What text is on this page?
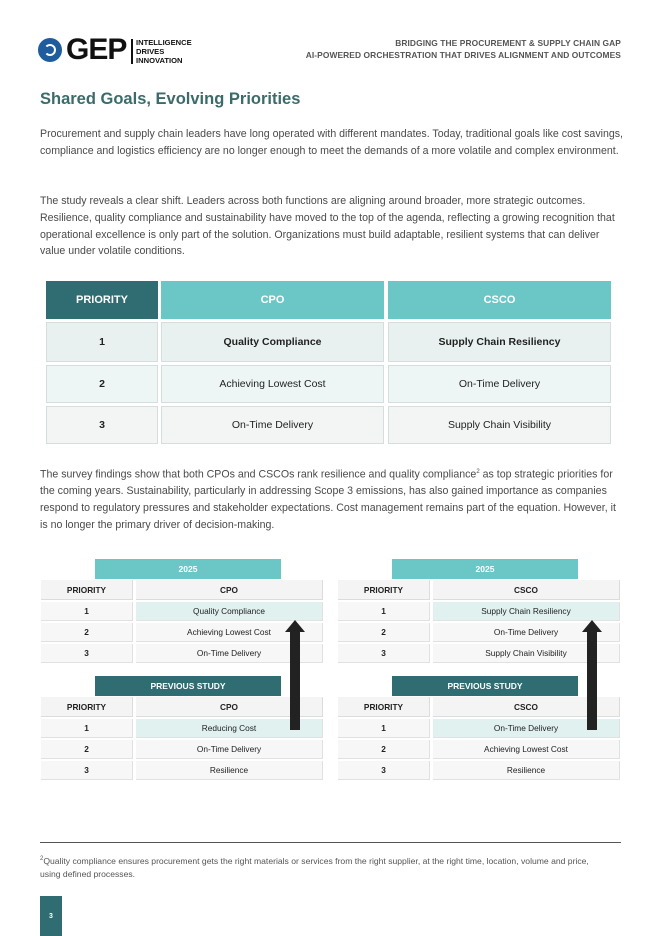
GEP INTELLIGENCE
DRIVES
INNOVATION
BRIDGING THE PROCUREMENT & SUPPLY CHAIN GAP
AI-POWERED ORCHESTRATION THAT DRIVES ALIGNMENT AND OUTCOMES
Shared Goals, Evolving Priorities

Procurement and supply chain leaders have long operated with different mandates. Today, traditional goals like cost savings, compliance and logistics efficiency are no longer enough to meet the demands of a more volatile and complex environment.

The study reveals a clear shift. Leaders across both functions are aligning around broader, more strategic outcomes. Resilience, quality compliance and sustainability have moved to the top of the agenda, reflecting a growing recognition that operational excellence is only part of the solution. Organizations must build adaptable, resilient systems that can deliver value under volatile conditions.

PRIORITY	CPO	CSCO
1	Quality Compliance	Supply Chain Resiliency
2	Achieving Lowest Cost	On-Time Delivery
3	On-Time Delivery	Supply Chain Visibility

The survey findings show that both CPOs and CSCOs rank resilience and quality compliance$^2$ as top strategic priorities for the coming years. Sustainability, particularly in addressing Scope 3 emissions, has also gained importance as companies respond to regulatory pressures and stakeholder expectations. Cost management remains part of the equation. However, it is no longer the primary driver of decision-making.

2025
PRIORITY	CPO
1	Quality Compliance
2	Achieving Lowest Cost
3	On-Time Delivery
PREVIOUS STUDY
PRIORITY	CPO
1	Reducing Cost
2	On-Time Delivery
3	Resilience
2025
PRIORITY	CSCO
1	Supply Chain Resiliency
2	On-Time Delivery
3	Supply Chain Visibility
PREVIOUS STUDY
PRIORITY	CSCO
1	On-Time Delivery
2	Achieving Lowest Cost
3	Resilience
$^2$Quality compliance ensures procurement gets the right materials or services from the right supplier, at the right time, location, volume and price, using defined processes.
3
